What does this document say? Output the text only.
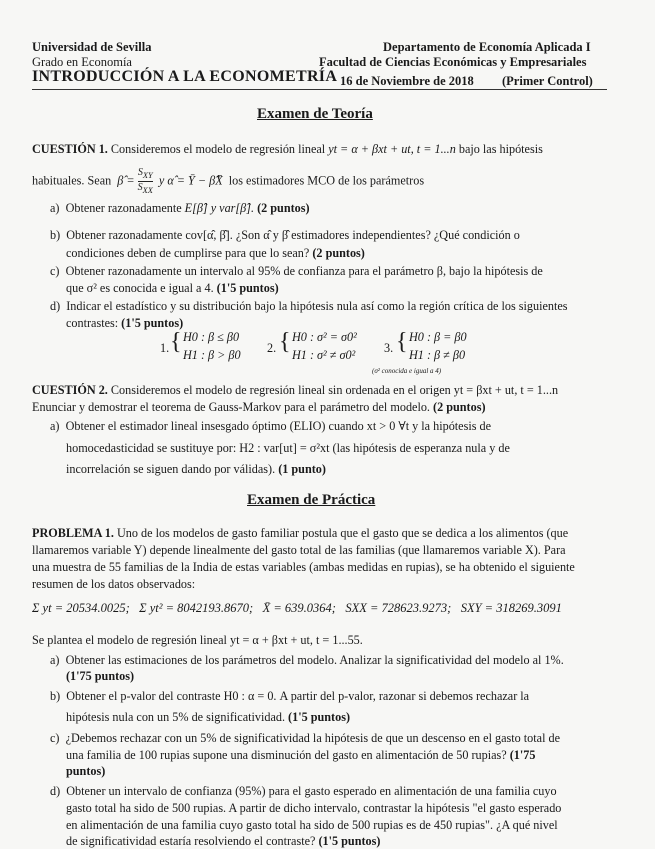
Universidad de Sevilla
Grado en Economía
INTRODUCCIÓN A LA ECONOMETRÍA
Departamento de Economía Aplicada I
Facultad de Ciencias Económicas y Empresariales
16 de Noviembre de 2018 (Primer Control)
Examen de Teoría
CUESTIÓN 1. Consideremos el modelo de regresión lineal yt = α + βxt + ut, t = 1...n bajo las hipótesis
habituales. Sean β̂ =
$S_{XY}$
$S_{XX}$
y α̂ = Ȳ − β̂X̄  los estimadores MCO de los parámetros
a) Obtener razonadamente E[β̂] y var[β̂]. (2 puntos)
b) Obtener razonadamente cov[α̂, β̂]. ¿Son α̂ y β̂ estimadores independientes? ¿Qué condición o
condiciones deben de cumplirse para que lo sean? (2 puntos)
c) Obtener razonadamente un intervalo al 95% de confianza para el parámetro β, bajo la hipótesis de
que σ² es conocida e igual a 4. (1'5 puntos)
d) Indicar el estadístico y su distribución bajo la hipótesis nula así como la región crítica de los siguientes
contrastes: (1'5 puntos)
1. { H0 : β ≤ β0
H1 : β > β0 2. { H0 : σ² = σ0²
H1 : σ² ≠ σ0² 3. { H0 : β = β0
H1 : β ≠ β0
(σ² conocida e igual a 4)
CUESTIÓN 2. Consideremos el modelo de regresión lineal sin ordenada en el origen yt = βxt + ut, t = 1...n
Enunciar y demostrar el teorema de Gauss-Markov para el parámetro del modelo. (2 puntos)
a) Obtener el estimador lineal insesgado óptimo (ELIO) cuando xt > 0 ∀t y la hipótesis de
homocedasticidad se sustituye por: H2 : var[ut] = σ²xt (las hipótesis de esperanza nula y de
incorrelación se siguen dando por válidas). (1 punto)
Examen de Práctica
PROBLEMA 1. Uno de los modelos de gasto familiar postula que el gasto que se dedica a los alimentos (que
llamaremos variable Y) depende linealmente del gasto total de las familias (que llamaremos variable X). Para
una muestra de 55 familias de la India de estas variables (ambas medidas en rupias), se ha obtenido el siguiente
resumen de los datos observados:
Σ yt = 20534.0025; Σ yt² = 8042193.8670; X̄ = 639.0364; SXX = 728623.9273; SXY = 318269.3091
Se plantea el modelo de regresión lineal yt = α + βxt + ut, t = 1...55.
a) Obtener las estimaciones de los parámetros del modelo. Analizar la significatividad del modelo al 1%.
(1'75 puntos)
b) Obtener el p-valor del contraste H0 : α = 0. A partir del p-valor, razonar si debemos rechazar la
hipótesis nula con un 5% de significatividad. (1'5 puntos)
c) ¿Debemos rechazar con un 5% de significatividad la hipótesis de que un descenso en el gasto total de
una familia de 100 rupias supone una disminución del gasto en alimentación de 50 rupias? (1'75
puntos)
d) Obtener un intervalo de confianza (95%) para el gasto esperado en alimentación de una familia cuyo
gasto total ha sido de 500 rupias. A partir de dicho intervalo, contrastar la hipótesis "el gasto esperado
en alimentación de una familia cuyo gasto total ha sido de 500 rupias es de 450 rupias". ¿A qué nivel
de significatividad estaría resolviendo el contraste? (1'5 puntos)
